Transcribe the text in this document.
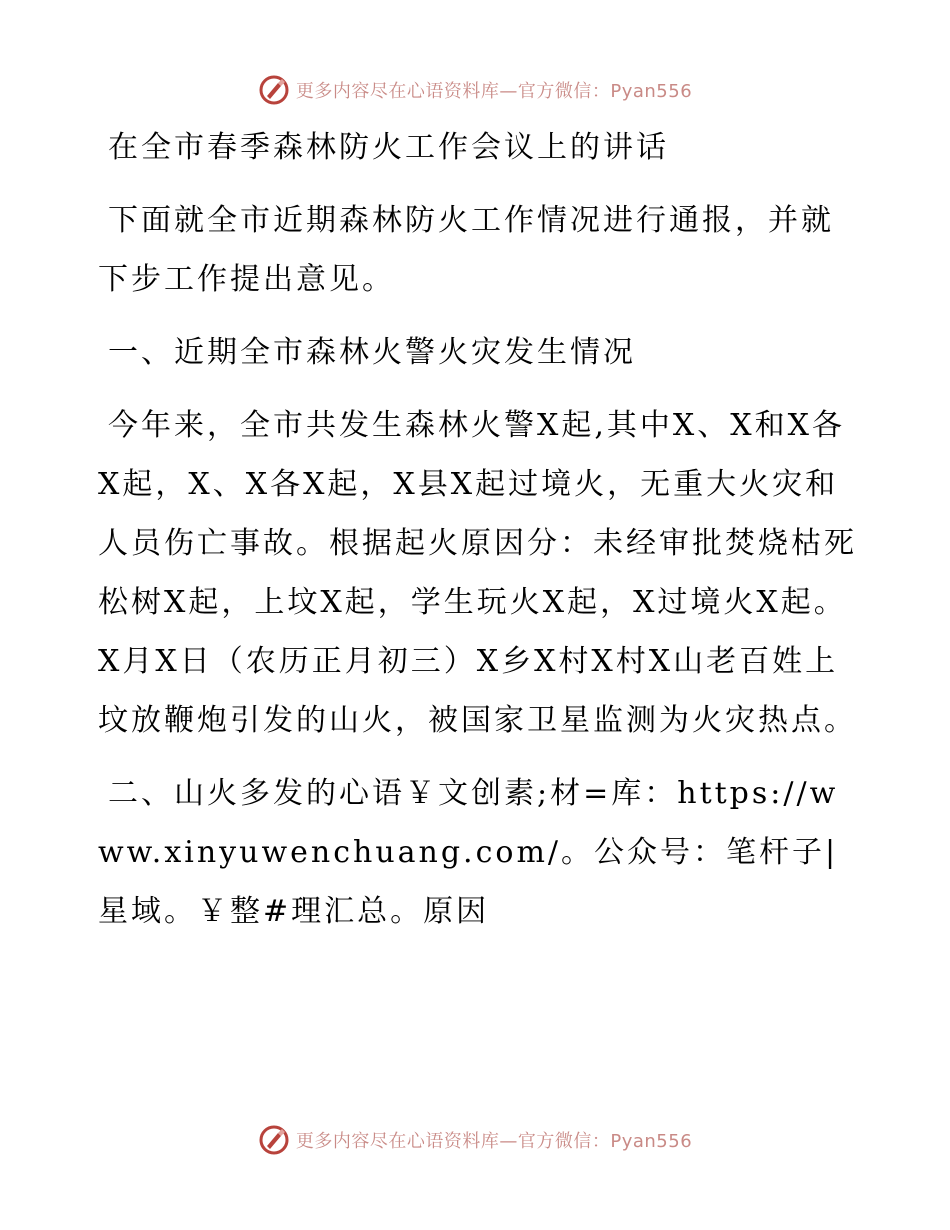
更多内容尽在心语资料库—官方微信：Pyan556

在全市春季森林防火工作会议上的讲话

下面就全市近期森林防火工作情况进行通报，并就下步工作提出意见。

一、近期全市森林火警火灾发生情况

今年来，全市共发生森林火警X起,其中X、X和X各X起，X、X各X起，X县X起过境火，无重大火灾和人员伤亡事故。根据起火原因分：未经审批焚烧枯死松树X起，上坟X起，学生玩火X起，X过境火X起。X月X日（农历正月初三）X乡X村X村X山老百姓上坟放鞭炮引发的山火，被国家卫星监测为火灾热点。

二、山火多发的心语￥文创素;材=库：https://www.xinyuwenchuang.com/。公众号：笔杆子|星域。￥整#理汇总。原因

更多内容尽在心语资料库—官方微信：Pyan556
